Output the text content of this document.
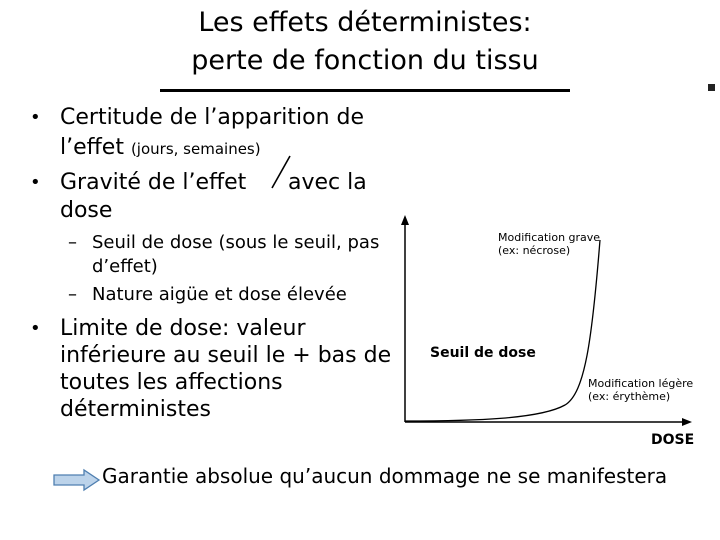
Les effets déterministes:
perte de fonction du tissu
• Certitude de l’apparition de
l’effet (jours, semaines)
• Gravité de l’effet avec la
dose
– Seuil de dose (sous le seuil, pas
d’effet)
– Nature aigüe et dose élevée
• Limite de dose: valeur
inférieure au seuil le + bas de
toutes les affections
déterministes
Modification grave
(ex: nécrose)
Seuil de dose
Modification légère
(ex: érythème)
DOSE
Garantie absolue qu’aucun dommage ne se manifestera
